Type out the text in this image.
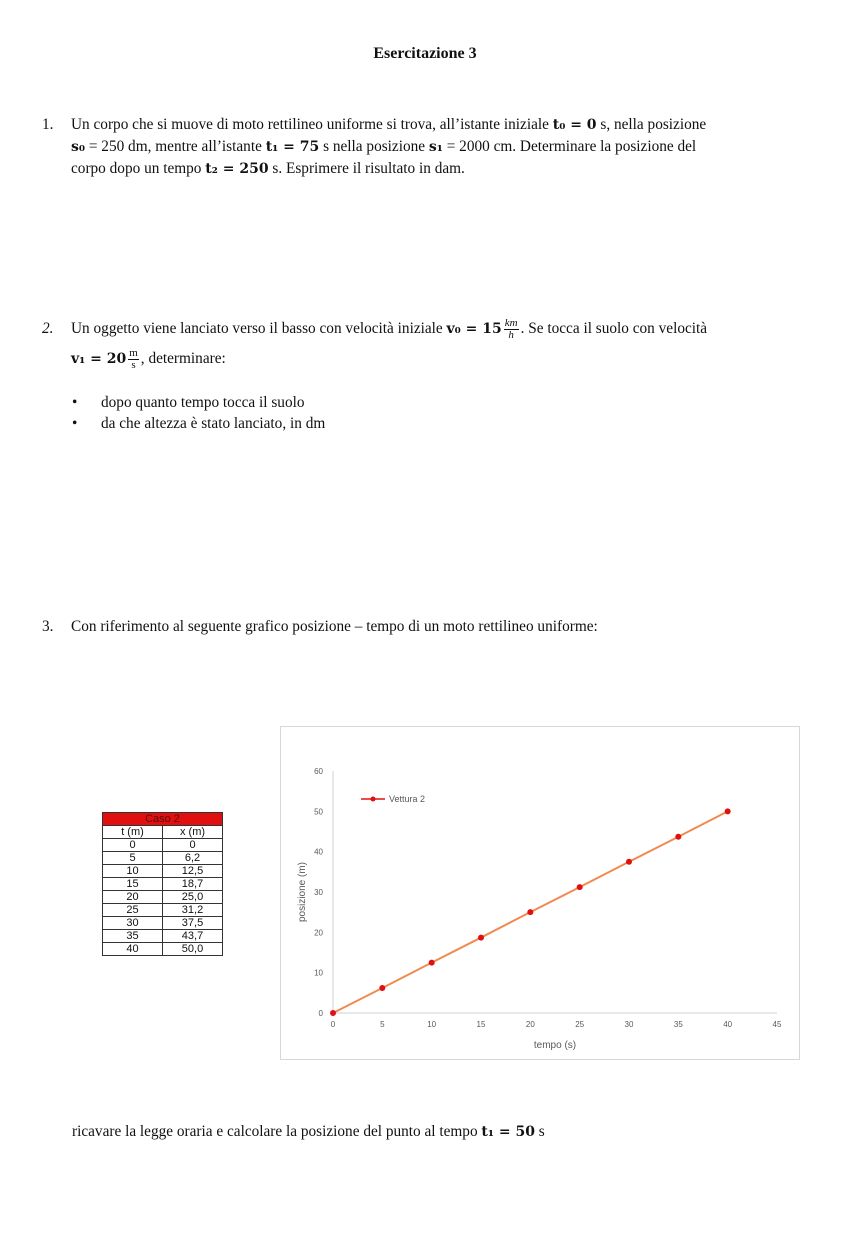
Esercitazione 3
1. Un corpo che si muove di moto rettilineo uniforme si trova, all’istante iniziale t₀ = 0 s, nella posizione
s₀ = 250 dm, mentre all’istante t₁ = 75 s nella posizione s₁ = 2000 cm. Determinare la posizione del
corpo dopo un tempo t₂ = 250 s. Esprimere il risultato in dam.
2. Un oggetto viene lanciato verso il basso con velocità iniziale $v_0 = 15 \frac{km}{h}$ . Se tocca il suolo con velocità
$v_1 = 20 \frac{m}{s}$ , determinare:
• dopo quanto tempo tocca il suolo
• da che altezza è stato lanciato, in dm
3. Con riferimento al seguente grafico posizione – tempo di un moto rettilineo uniforme:
Caso 2	
t (m)	x (m)
0	0
5	6,2
10	12,5
15	18,7
20	25,0
25	31,2
30	37,5
35	43,7
40	50,0
0	5	10	15	20	25	30	35	40	45
0
10
20
30
40
50
60
tempo (s)
posizione (m)
Vettura 2
ricavare la legge oraria e calcolare la posizione del punto al tempo t₁ = 50 s
